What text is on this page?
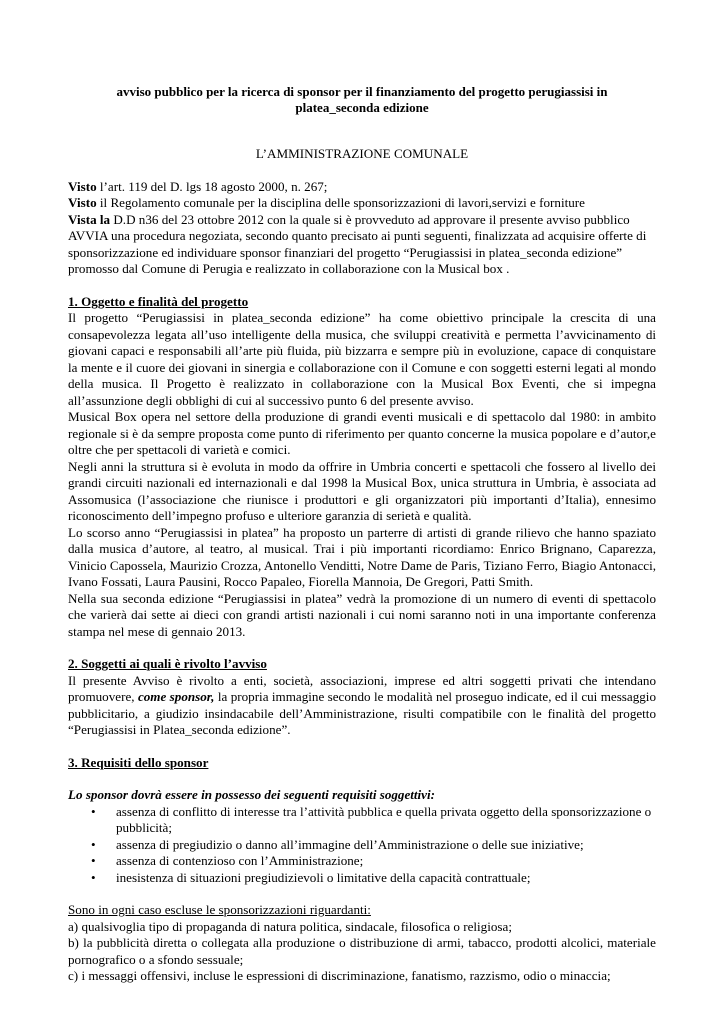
avviso pubblico per la ricerca di sponsor per il finanziamento del progetto perugiassisi in

platea_seconda edizione

L’AMMINISTRAZIONE COMUNALE

Visto l’art. 119 del D. lgs 18 agosto 2000, n. 267;

Visto il Regolamento comunale per la disciplina delle sponsorizzazioni di lavori,servizi e forniture

Vista la D.D n36 del 23 ottobre 2012 con la quale si è provveduto ad approvare il presente avviso pubblico

AVVIA una procedura negoziata, secondo quanto precisato ai punti seguenti, finalizzata ad acquisire offerte di sponsorizzazione ed individuare sponsor finanziari del progetto “Perugiassisi in platea_seconda edizione” promosso dal Comune di Perugia e realizzato in collaborazione con la Musical box .

1. Oggetto e finalità del progetto

Il progetto “Perugiassisi in platea_seconda edizione” ha come obiettivo principale la crescita di una consapevolezza legata all’uso intelligente della musica, che sviluppi creatività e permetta l’avvicinamento di giovani capaci e responsabili all’arte più fluida, più bizzarra e sempre più in evoluzione, capace di conquistare la mente e il cuore dei giovani in sinergia e collaborazione con il Comune e con soggetti esterni legati al mondo della musica. Il Progetto è realizzato in collaborazione con la Musical Box Eventi, che si impegna all’assunzione degli obblighi di cui al successivo punto 6 del presente avviso.

Musical Box opera nel settore della produzione di grandi eventi musicali e di spettacolo dal 1980: in ambito regionale si è da sempre proposta come punto di riferimento per quanto concerne la musica popolare e d’autor,e oltre che per spettacoli di varietà e comici.

Negli anni la struttura si è evoluta in modo da offrire in Umbria concerti e spettacoli che fossero al livello dei grandi circuiti nazionali ed internazionali e dal 1998 la Musical Box, unica struttura in Umbria, è associata ad Assomusica (l’associazione che riunisce i produttori e gli organizzatori più importanti d’Italia), ennesimo riconoscimento dell’impegno profuso e ulteriore garanzia di serietà e qualità.

Lo scorso anno “Perugiassisi in platea” ha proposto un parterre di artisti di grande rilievo che hanno spaziato dalla musica d’autore, al teatro, al musical. Trai i più importanti ricordiamo: Enrico Brignano, Caparezza, Vinicio Capossela, Maurizio Crozza, Antonello Venditti, Notre Dame de Paris, Tiziano Ferro, Biagio Antonacci, Ivano Fossati, Laura Pausini, Rocco Papaleo, Fiorella Mannoia, De Gregori, Patti Smith.

Nella sua seconda edizione “Perugiassisi in platea” vedrà la promozione di un numero di eventi di spettacolo che varierà dai sette ai dieci con grandi artisti nazionali i cui nomi saranno noti in una importante conferenza stampa nel mese di gennaio 2013.

2. Soggetti ai quali è rivolto l’avviso

Il presente Avviso è rivolto a enti, società, associazioni, imprese ed altri soggetti privati che intendano promuovere, come sponsor, la propria immagine secondo le modalità nel proseguo indicate, ed il cui messaggio pubblicitario, a giudizio insindacabile dell’Amministrazione, risulti compatibile con le finalità del progetto “Perugiassisi in Platea_seconda edizione”.

3. Requisiti dello sponsor

Lo sponsor dovrà essere in possesso dei seguenti requisiti soggettivi:

• assenza di conflitto di interesse tra l’attività pubblica e quella privata oggetto della sponsorizzazione o pubblicità;
• assenza di pregiudizio o danno all’immagine dell’Amministrazione o delle sue iniziative;
• assenza di contenzioso con l’Amministrazione;
• inesistenza di situazioni pregiudizievoli o limitative della capacità contrattuale;

Sono in ogni caso escluse le sponsorizzazioni riguardanti:

a) qualsivoglia tipo di propaganda di natura politica, sindacale, filosofica o religiosa;

b) la pubblicità diretta o collegata alla produzione o distribuzione di armi, tabacco, prodotti alcolici, materiale pornografico o a sfondo sessuale;

c) i messaggi offensivi, incluse le espressioni di discriminazione, fanatismo, razzismo, odio o minaccia;
